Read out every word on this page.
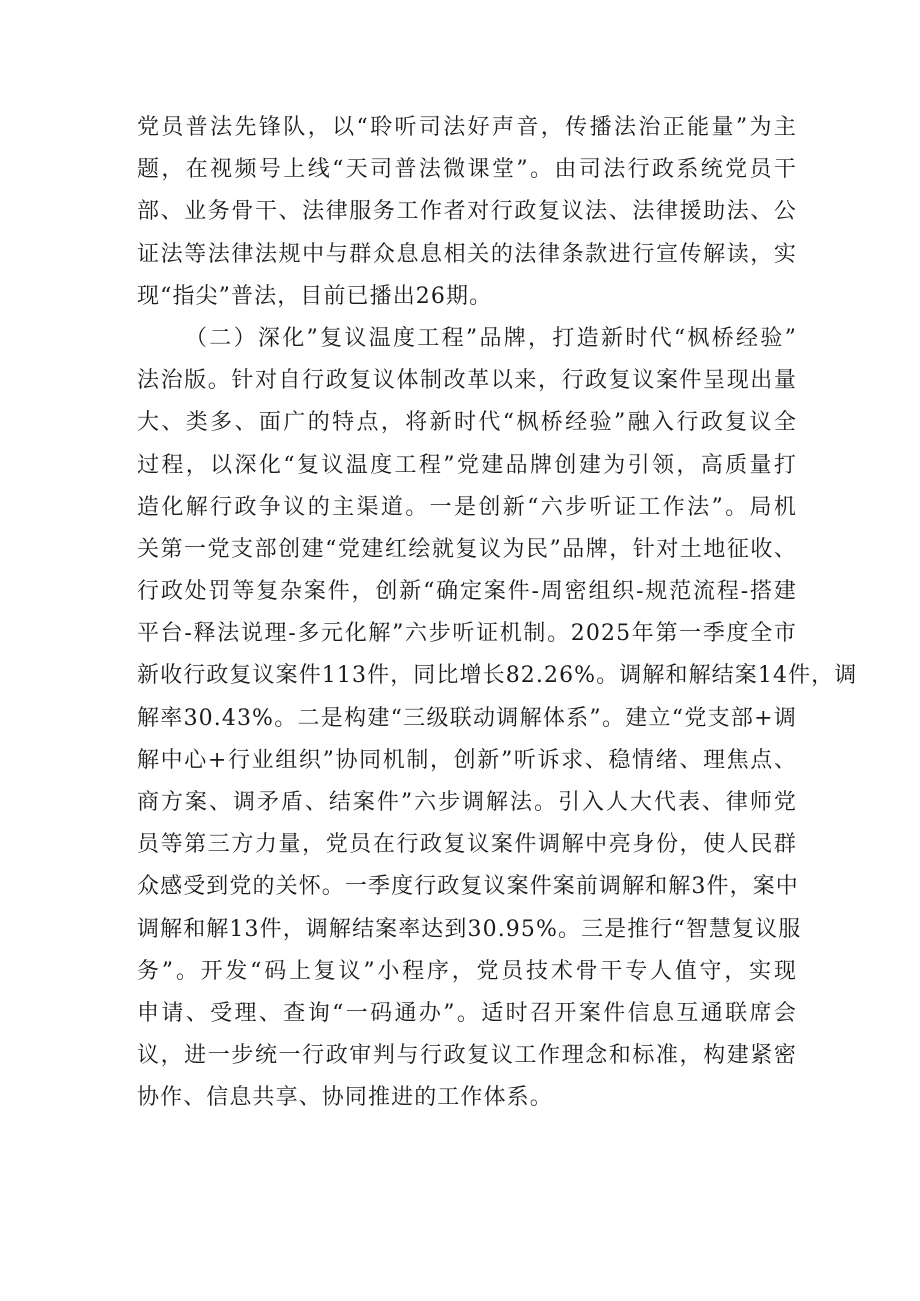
党员普法先锋队，以“聆听司法好声音，传播法治正能量”为主
题，在视频号上线“天司普法微课堂”。由司法行政系统党员干
部、业务骨干、法律服务工作者对行政复议法、法律援助法、公
证法等法律法规中与群众息息相关的法律条款进行宣传解读，实
现“指尖”普法，目前已播出26期。
（二）深化”复议温度工程”品牌，打造新时代“枫桥经验”
法治版。针对自行政复议体制改革以来，行政复议案件呈现出量
大、类多、面广的特点，将新时代“枫桥经验”融入行政复议全
过程，以深化“复议温度工程”党建品牌创建为引领，高质量打
造化解行政争议的主渠道。一是创新“六步听证工作法”。局机
关第一党支部创建“党建红绘就复议为民”品牌，针对土地征收、
行政处罚等复杂案件，创新“确定案件-周密组织-规范流程-搭建
平台-释法说理-多元化解”六步听证机制。2025年第一季度全市
新收行政复议案件113件，同比增长82.26%。调解和解结案14件，调
解率30.43%。二是构建“三级联动调解体系”。建立“党支部+调
解中心+行业组织”协同机制，创新”听诉求、稳情绪、理焦点、
商方案、调矛盾、结案件”六步调解法。引入人大代表、律师党
员等第三方力量，党员在行政复议案件调解中亮身份，使人民群
众感受到党的关怀。一季度行政复议案件案前调解和解3件，案中
调解和解13件，调解结案率达到30.95%。三是推行“智慧复议服
务”。开发“码上复议”小程序，党员技术骨干专人值守，实现
申请、受理、查询“一码通办”。适时召开案件信息互通联席会
议，进一步统一行政审判与行政复议工作理念和标准，构建紧密
协作、信息共享、协同推进的工作体系。
